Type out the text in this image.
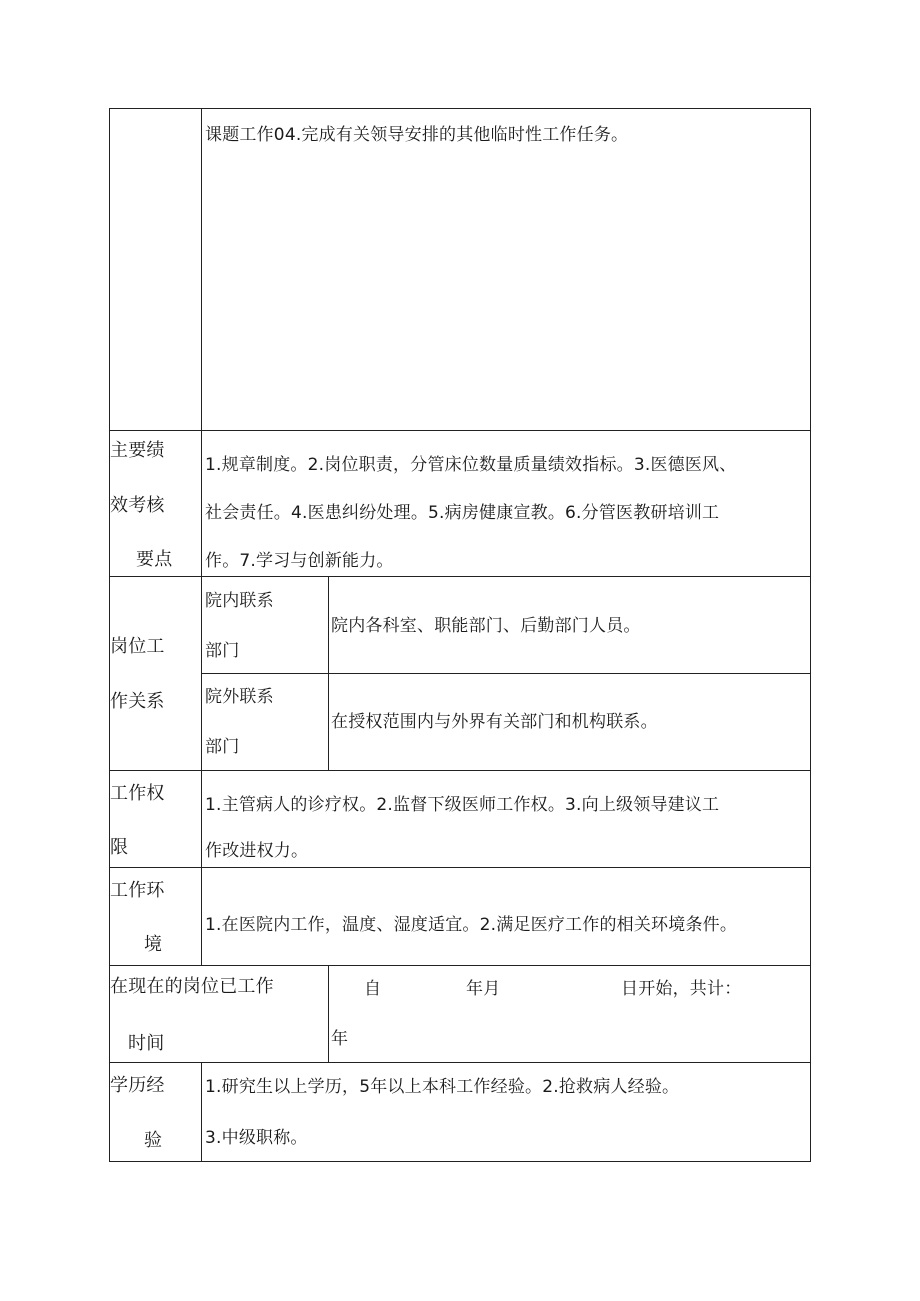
课题工作04.完成有关领导安排的其他临时性工作任务。
主要绩
效考核
要点
1.规章制度。2.岗位职责，分管床位数量质量绩效指标。3.医德医风、
社会责任。4.医患纠纷处理。5.病房健康宣教。6.分管医教研培训工
作。7.学习与创新能力。
岗位工
作关系
院内联系
部门
院内各科室、职能部门、后勤部门人员。
院外联系
部门
在授权范围内与外界有关部门和机构联系。
工作权
限
1.主管病人的诊疗权。2.监督下级医师工作权。3.向上级领导建议工
作改进权力。
工作环
境
1.在医院内工作，温度、湿度适宜。2.满足医疗工作的相关环境条件。
在现在的岗位已工作
时间
自	年月	日开始，共计：
年
学历经
验
1.研究生以上学历，5年以上本科工作经验。2.抢救病人经验。
3.中级职称。
